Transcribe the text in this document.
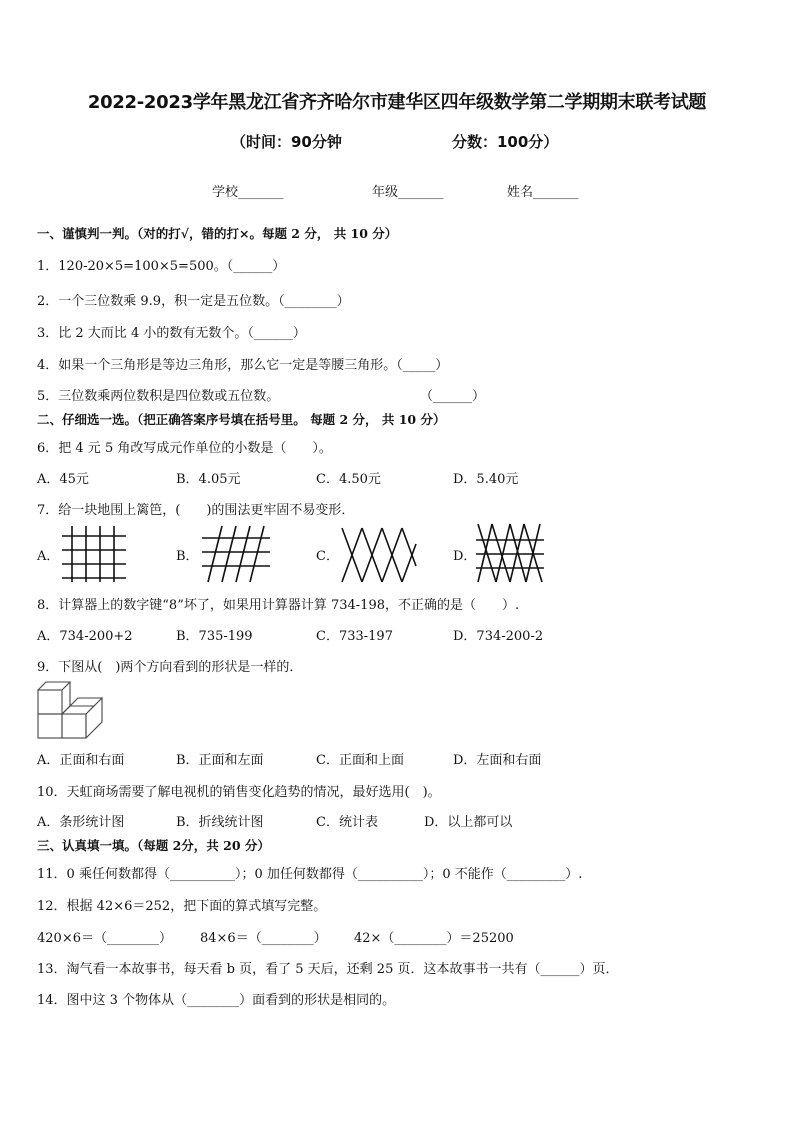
2022-2023学年黑龙江省齐齐哈尔市建华区四年级数学第二学期期末联考试题
（时间：90分钟	分数：100分）
学校_______	年级_______	姓名_______
一、谨慎判一判。（对的打√，错的打×。每题 2 分， 共 10 分）
1．120-20×5=100×5=500。（______）
2．一个三位数乘 9.9，积一定是五位数。（________）
3．比 2 大而比 4 小的数有无数个。（______）
4．如果一个三角形是等边三角形，那么它一定是等腰三角形。（_____）
5．三位数乘两位数积是四位数或五位数。	（______）
二、仔细选一选。（把正确答案序号填在括号里。 每题 2 分， 共 10 分）
6．把 4 元 5 角改写成元作单位的小数是（　　）。
A．45元	B．4.05元	C．4.50元	D．5.40元
7．给一块地围上篱笆，(　　)的围法更牢固不易变形．
A．	B．	C．	D．
8．计算器上的数字键“8”坏了，如果用计算器计算 734-198，不正确的是（　　）.
A．734-200+2	B．735-199	C．733-197	D．734-200-2
9．下图从(　)两个方向看到的形状是一样的．
A．正面和右面	B．正面和左面	C．正面和上面	D．左面和右面
10．天虹商场需要了解电视机的销售变化趋势的情况，最好选用(　)。
A．条形统计图	B．折线统计图	C．统计表	D．以上都可以
三、认真填一填。（每题 2分，共 20 分）
11．0 乘任何数都得（__________）；0 加任何数都得（__________）；0 不能作（_________）.
12．根据 42×6＝252，把下面的算式填写完整。
420×6＝（________） 84×6＝（________） 42×（________）＝25200
13．淘气看一本故事书，每天看 b 页，看了 5 天后，还剩 25 页．这本故事书一共有（______）页．
14．图中这 3 个物体从（________）面看到的形状是相同的。
